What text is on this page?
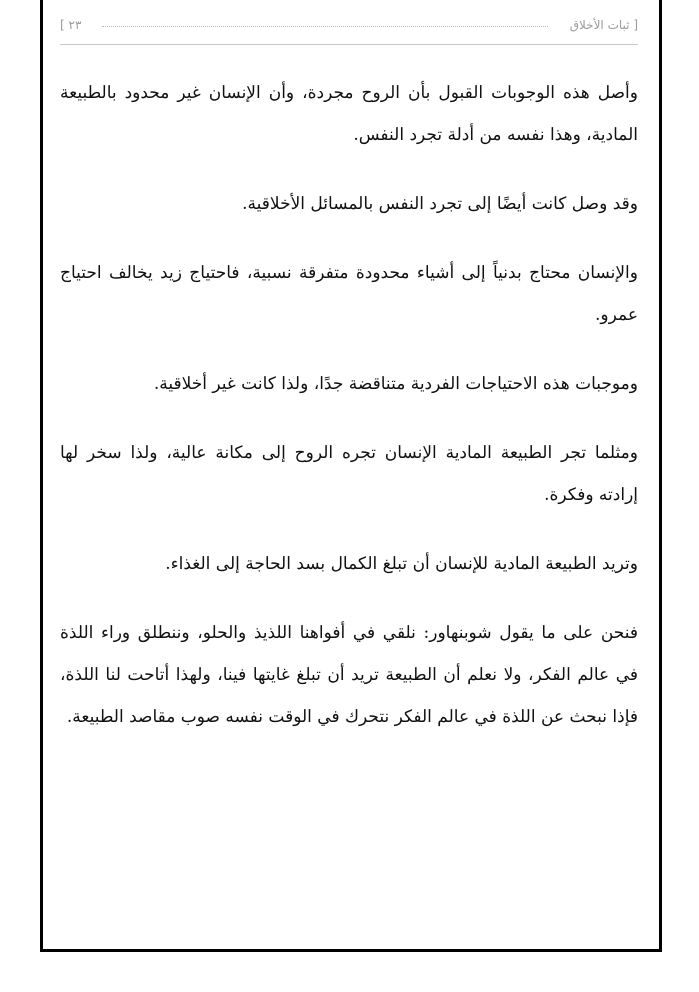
[ ثبات الأخلاق
٢٣ ]

وأصل هذه الوجوبات القبول بأن الروح مجردة، وأن الإنسان غير محدود بالطبيعة المادية، وهذا نفسه من أدلة تجرد النفس.

وقد وصل كانت أيضًا إلى تجرد النفس بالمسائل الأخلاقية.

والإنسان محتاج بدنياً إلى أشياء محدودة متفرقة نسبية، فاحتياج زيد يخالف احتياج عمرو.

وموجبات هذه الاحتياجات الفردية متناقضة جدًا، ولذا كانت غير أخلاقية.

ومثلما تجر الطبيعة المادية الإنسان تجره الروح إلى مكانة عالية، ولذا سخر لها إرادته وفكرة.

وتريد الطبيعة المادية للإنسان أن تبلغ الكمال بسد الحاجة إلى الغذاء.

فنحن على ما يقول شوبنهاور: نلقي في أفواهنا اللذيذ والحلو، وننطلق وراء اللذة في عالم الفكر، ولا نعلم أن الطبيعة تريد أن تبلغ غايتها فينا، ولهذا أتاحت لنا اللذة، فإذا نبحث عن اللذة في عالم الفكر نتحرك في الوقت نفسه صوب مقاصد الطبيعة.
